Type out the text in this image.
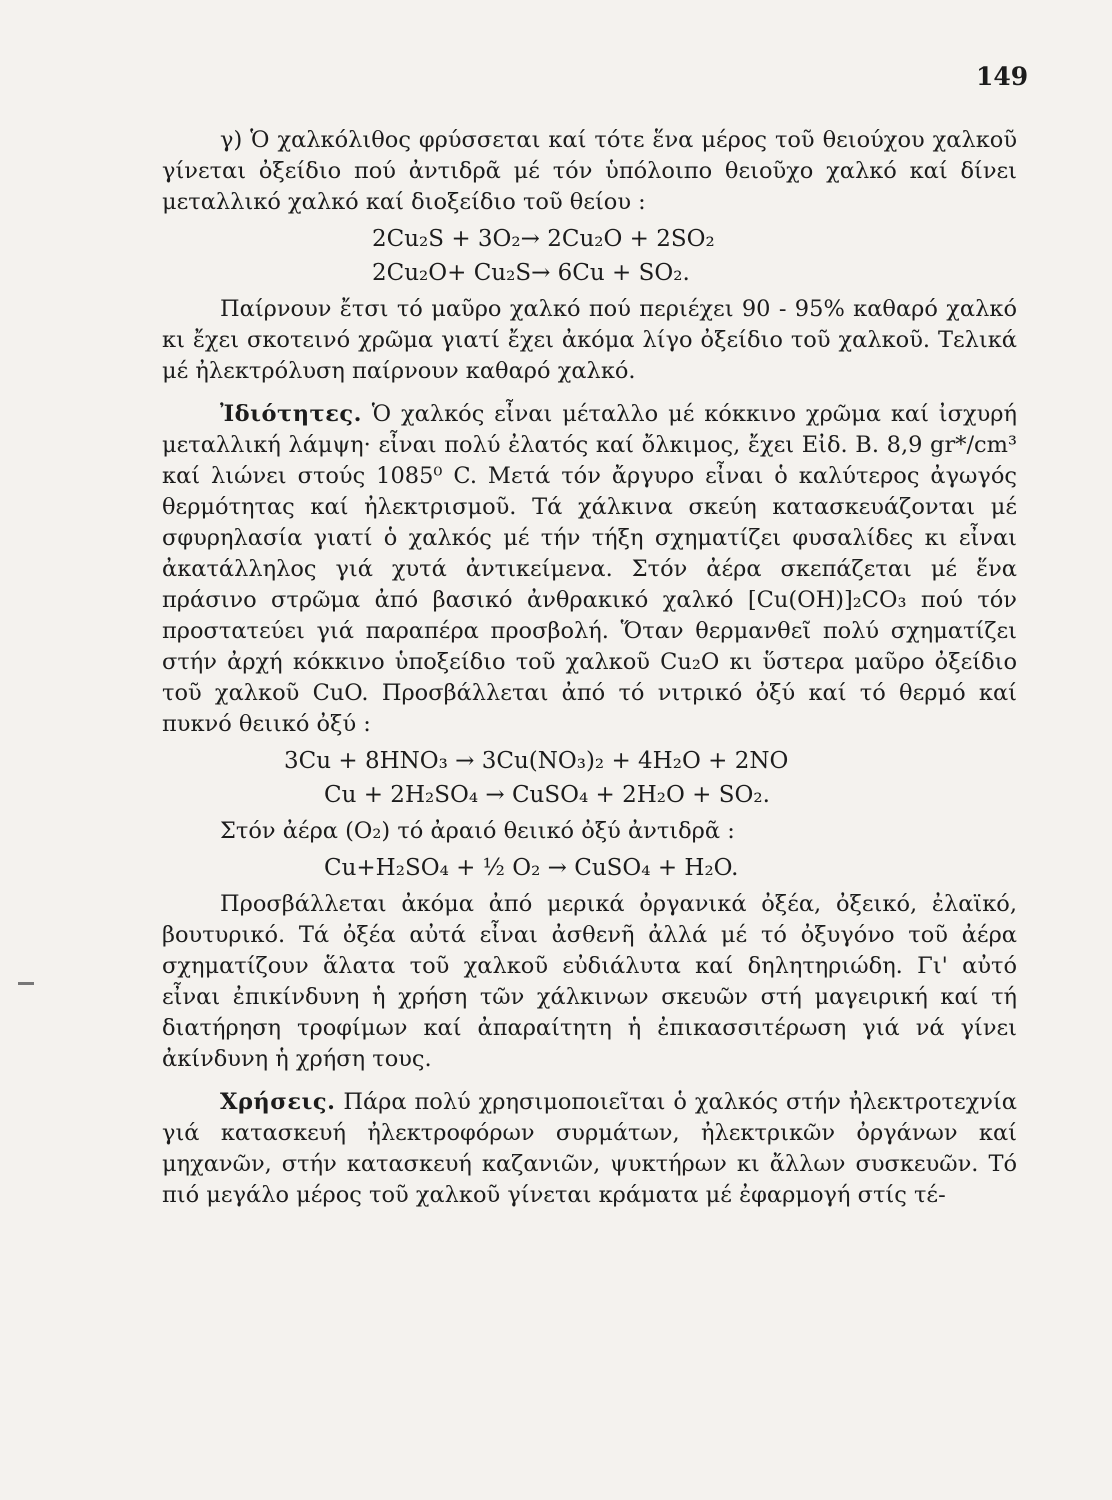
149

γ) Ὁ χαλκόλιθος φρύσσεται καί τότε ἕνα μέρος τοῦ θειούχου χαλκοῦ γίνεται ὀξείδιο πού ἀντιδρᾶ μέ τόν ὑπόλοιπο θειοῦχο χαλκό καί δίνει μεταλλικό χαλκό καί διοξείδιο τοῦ θείου :

2Cu₂S + 3O₂→ 2Cu₂O + 2SO₂
2Cu₂O+ Cu₂S→ 6Cu + SO₂.

Παίρνουν ἔτσι τό μαῦρο χαλκό πού περιέχει 90 - 95% καθαρό χαλκό κι ἔχει σκοτεινό χρῶμα γιατί ἔχει ἀκόμα λίγο ὀξείδιο τοῦ χαλκοῦ. Τελικά μέ ἠλεκτρόλυση παίρνουν καθαρό χαλκό.

Ἰδιότητες. Ὁ χαλκός εἶναι μέταλλο μέ κόκκινο χρῶμα καί ἰσχυρή μεταλλική λάμψη· εἶναι πολύ ἐλατός καί ὄλκιμος, ἔχει Εἰδ. Β. 8,9 gr*/cm³ καί λιώνει στούς 1085⁰ C. Μετά τόν ἄργυρο εἶναι ὁ καλύτερος ἀγωγός θερμότητας καί ἠλεκτρισμοῦ. Τά χάλκινα σκεύη κατασκευάζονται μέ σφυρηλασία γιατί ὁ χαλκός μέ τήν τήξη σχηματίζει φυσαλίδες κι εἶναι ἀκατάλληλος γιά χυτά ἀντικείμενα. Στόν ἀέρα σκεπάζεται μέ ἕνα πράσινο στρῶμα ἀπό βασικό ἀνθρακικό χαλκό [Cu(OH)]₂CO₃ πού τόν προστατεύει γιά παραπέρα προσβολή. Ὅταν θερμανθεῖ πολύ σχηματίζει στήν ἀρχή κόκκινο ὑποξείδιο τοῦ χαλκοῦ Cu₂O κι ὕστερα μαῦρο ὀξείδιο τοῦ χαλκοῦ CuO. Προσβάλλεται ἀπό τό νιτρικό ὀξύ καί τό θερμό καί πυκνό θειικό ὀξύ :

3Cu + 8HNO₃ → 3Cu(NO₃)₂ + 4H₂O + 2NO
Cu + 2H₂SO₄ → CuSO₄ + 2H₂O + SO₂.

Στόν ἀέρα (O₂) τό ἀραιό θειικό ὀξύ ἀντιδρᾶ :

Cu+H₂SO₄ + ½ O₂ → CuSO₄ + H₂O.

Προσβάλλεται ἀκόμα ἀπό μερικά ὀργανικά ὀξέα, ὀξεικό, ἐλαϊκό, βουτυρικό. Τά ὀξέα αὐτά εἶναι ἀσθενῆ ἀλλά μέ τό ὀξυγόνο τοῦ ἀέρα σχηματίζουν ἅλατα τοῦ χαλκοῦ εὐδιάλυτα καί δηλητηριώδη. Γι' αὐτό εἶναι ἐπικίνδυνη ἡ χρήση τῶν χάλκινων σκευῶν στή μαγειρική καί τή διατήρηση τροφίμων καί ἀπαραίτητη ἡ ἐπικασσιτέρωση γιά νά γίνει ἀκίνδυνη ἡ χρήση τους.

Χρήσεις. Πάρα πολύ χρησιμοποιεῖται ὁ χαλκός στήν ἠλεκτροτεχνία γιά κατασκευή ἠλεκτροφόρων συρμάτων, ἠλεκτρικῶν ὀργάνων καί μηχανῶν, στήν κατασκευή καζανιῶν, ψυκτήρων κι ἄλλων συσκευῶν. Τό πιό μεγάλο μέρος τοῦ χαλκοῦ γίνεται κράματα μέ ἐφαρμογή στίς τέ-
